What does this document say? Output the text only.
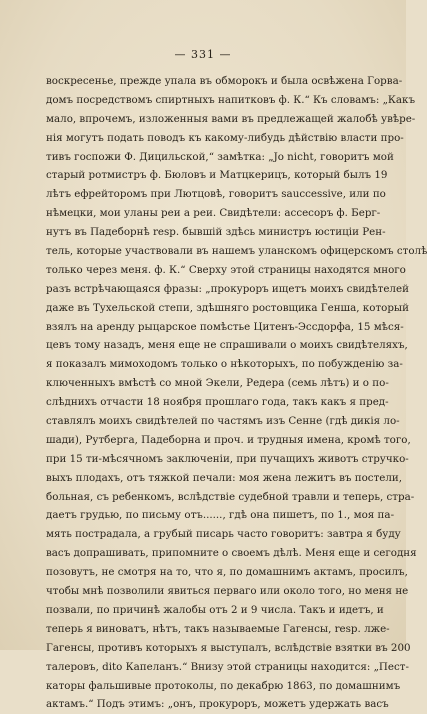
— 331 —
воскресенье, прежде упала въ обморокъ и была освѣжена Горва-
домъ посредствомъ спиртныхъ напитковъ ф. К.“ Къ словамъ: „Какъ
мало, впрочемъ, изложенныя вами въ предлежащей жалобѣ увѣре-
нія могутъ подать поводъ къ какому-либудь дѣйствію власти про-
тивъ госпожи Ф. Дицильской,“ замѣтка: „Jo nicht, говоритъ мой
старый ротмистръ ф. Бюловъ и Матцкерицъ, который былъ 19
лѣтъ ефрейторомъ при Лютцовѣ, говоритъ saucсessive, или по
нѣмецки, мои уланы реи а реи. Свидѣтели: ассесоръ ф. Берг-
нутъ въ Падеборнѣ resp. бывшій здѣсь министръ юстиціи Рен-
тель, которые участвовали въ нашемъ уланскомъ офицерскомъ столѣ
только через меня. ф. К.“ Сверху этой страницы находятся много
разъ встрѣчающаяся фразы: „прокуроръ ищетъ моихъ свидѣтелей
даже въ Тухельской степи, здѣшняго ростовщика Генша, который
взялъ на аренду рыцарское помѣстье Цитенъ-Эссдорфа, 15 мѣся-
цевъ тому назадъ, меня еще не спрашивали о моихъ свидѣтеляхъ,
я показалъ мимоходомъ только о нѣкоторыхъ, по побужденію за-
ключенныхъ вмѣстѣ со мной Экели, Редера (семь лѣтъ) и о по-
слѣднихъ отчасти 18 ноября прошлаго года, такъ какъ я пред-
ставлялъ моихъ свидѣтелей по частямъ изъ Сенне (гдѣ дикія ло-
шади), Рутберга, Падеборна и проч. и трудныя имена, кромѣ того,
при 15 ти-мѣсячномъ заключеніи, при пучащихъ животъ стручко-
выхъ плодахъ, отъ тяжкой печали: моя жена лежитъ въ постели,
больная, съ ребенкомъ, вслѣдствіе судебной травли и теперь, стра-
даетъ грудью, по письму отъ......, гдѣ она пишетъ, по 1., моя па-
мять пострадала, а грубый писарь часто говоритъ: завтра я буду
васъ допрашивать, припомните о своемъ дѣлѣ. Меня еще и сегодня
позовутъ, не смотря на то, что я, по домашнимъ актамъ, просилъ,
чтобы мнѣ позволили явиться перваго или около того, но меня не
позвали, по причинѣ жалобы отъ 2 и 9 числа. Такъ и идетъ, и
теперь я виноватъ, нѣтъ, такъ называемые Гагенсы, resp. лже-
Гагенсы, противъ которыхъ я выступалъ, вслѣдствіе взятки въ 200
талеровъ, dito Капеланъ.“ Внизу этой страницы находится: „Пест-
каторы фальшивые протоколы, по декабрю 1863, по домашнимъ
актамъ.“ Подъ этимъ: „онъ, прокуроръ, можетъ удержать васъ
